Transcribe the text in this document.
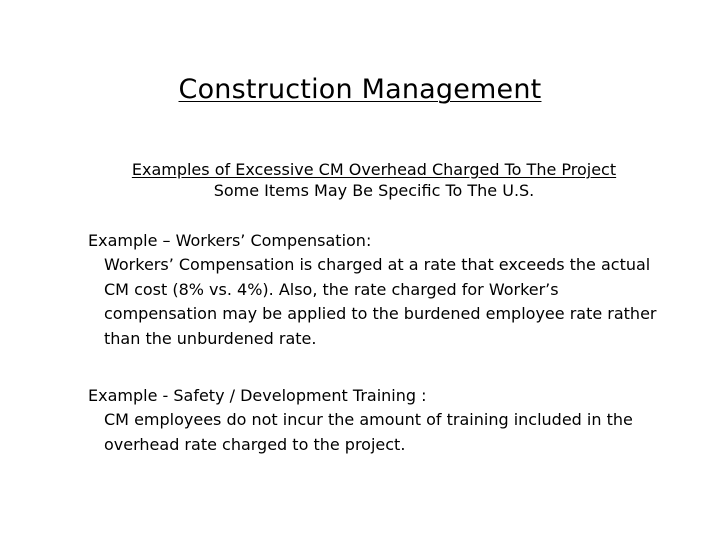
Construction Management
Examples of Excessive CM Overhead Charged To The Project
Some Items May Be Specific To The U.S.
Example – Workers’ Compensation:
Workers’ Compensation is charged at a rate that exceeds the actual CM cost (8% vs. 4%). Also, the rate charged for Worker’s compensation may be applied to the burdened employee rate rather than the unburdened rate.
Example - Safety / Development Training :
CM employees do not incur the amount of training included in the overhead rate charged to the project.
